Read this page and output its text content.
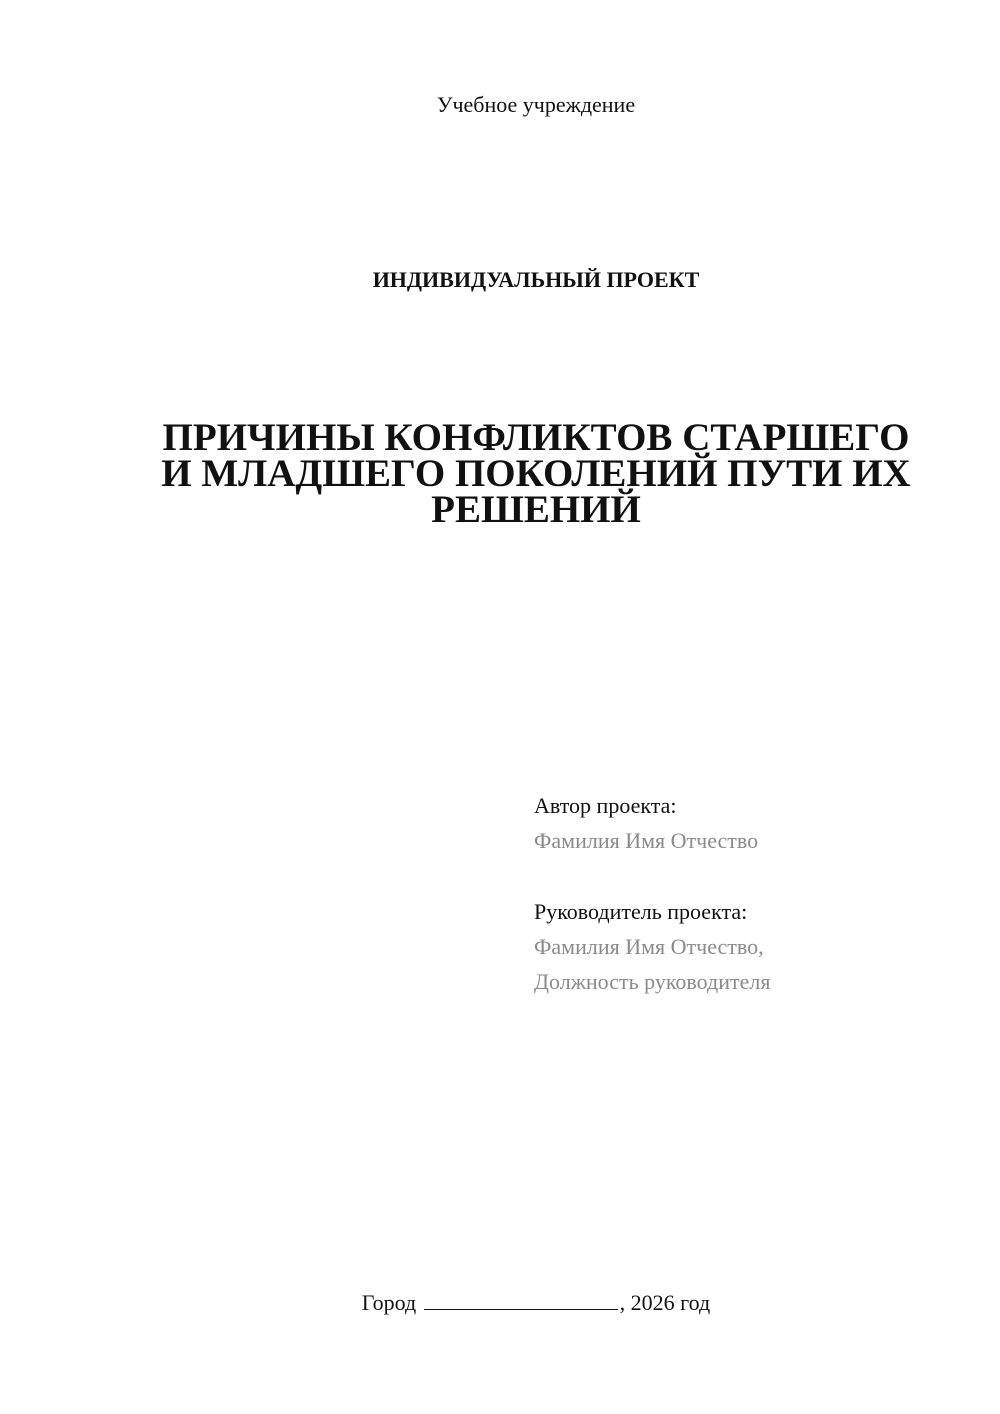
Учебное учреждение
ИНДИВИДУАЛЬНЫЙ ПРОЕКТ
ПРИЧИНЫ КОНФЛИКТОВ СТАРШЕГО
И МЛАДШЕГО ПОКОЛЕНИЙ ПУТИ ИХ
РЕШЕНИЙ
Автор проекта:
Фамилия Имя Отчество
Руководитель проекта:
Фамилия Имя Отчество,
Должность руководителя
Город	, 2026 год
